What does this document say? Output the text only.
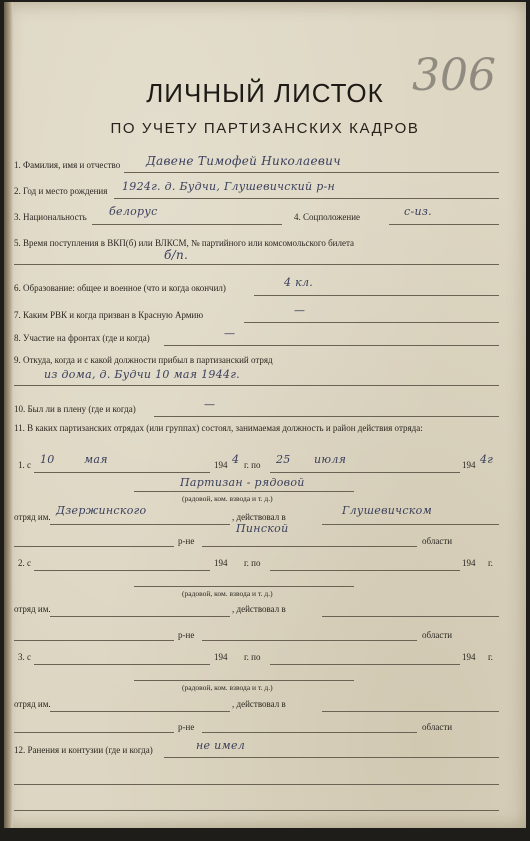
306
ЛИЧНЫЙ ЛИСТОК
ПО УЧЕТУ ПАРТИЗАНСКИХ КАДРОВ
1. Фамилия, имя и отчество Давене Тимофей Николаевич
2. Год и место рождения 1924г. д. Будчи, Глушевичский р-н
3. Национальность белорус	4. Соцположение	с-из.
5. Время поступления в ВКП(б) или ВЛКСМ, № партийного или комсомольского билета
б/п.
6. Образование: общее и военное (что и когда окончил)	4 кл.
7. Каким РВК и когда призван в Красную Армию	—
8. Участие на фронтах (где и когда)	—
9. Откуда, когда и с какой должности прибыл в партизанский отряд
из дома, д. Будчи 10 мая 1944г.
10. Был ли в плену (где и когда)	—
11. В каких партизанских отрядах (или группах) состоял, занимаемая должность и район действия отряда:
1. с 10	мая	194 4 г. по 25 июля	194 4г
Партизан - рядовой
(радовой, ком. взвода и т. д.)
отряд им. Дзержинского	, действовал в	Глушевичском
Пинской
р-не	области
2. с	194 г. по	194 г.
(радовой, ком. взвода и т. д.)
отряд им.	, действовал в
р-не	области
3. с	194 г. по	194 г.
(радовой, ком. взвода и т. д.)
отряд им.	, действовал в
р-не	области
12. Ранения и контузии (где и когда)	не имел
